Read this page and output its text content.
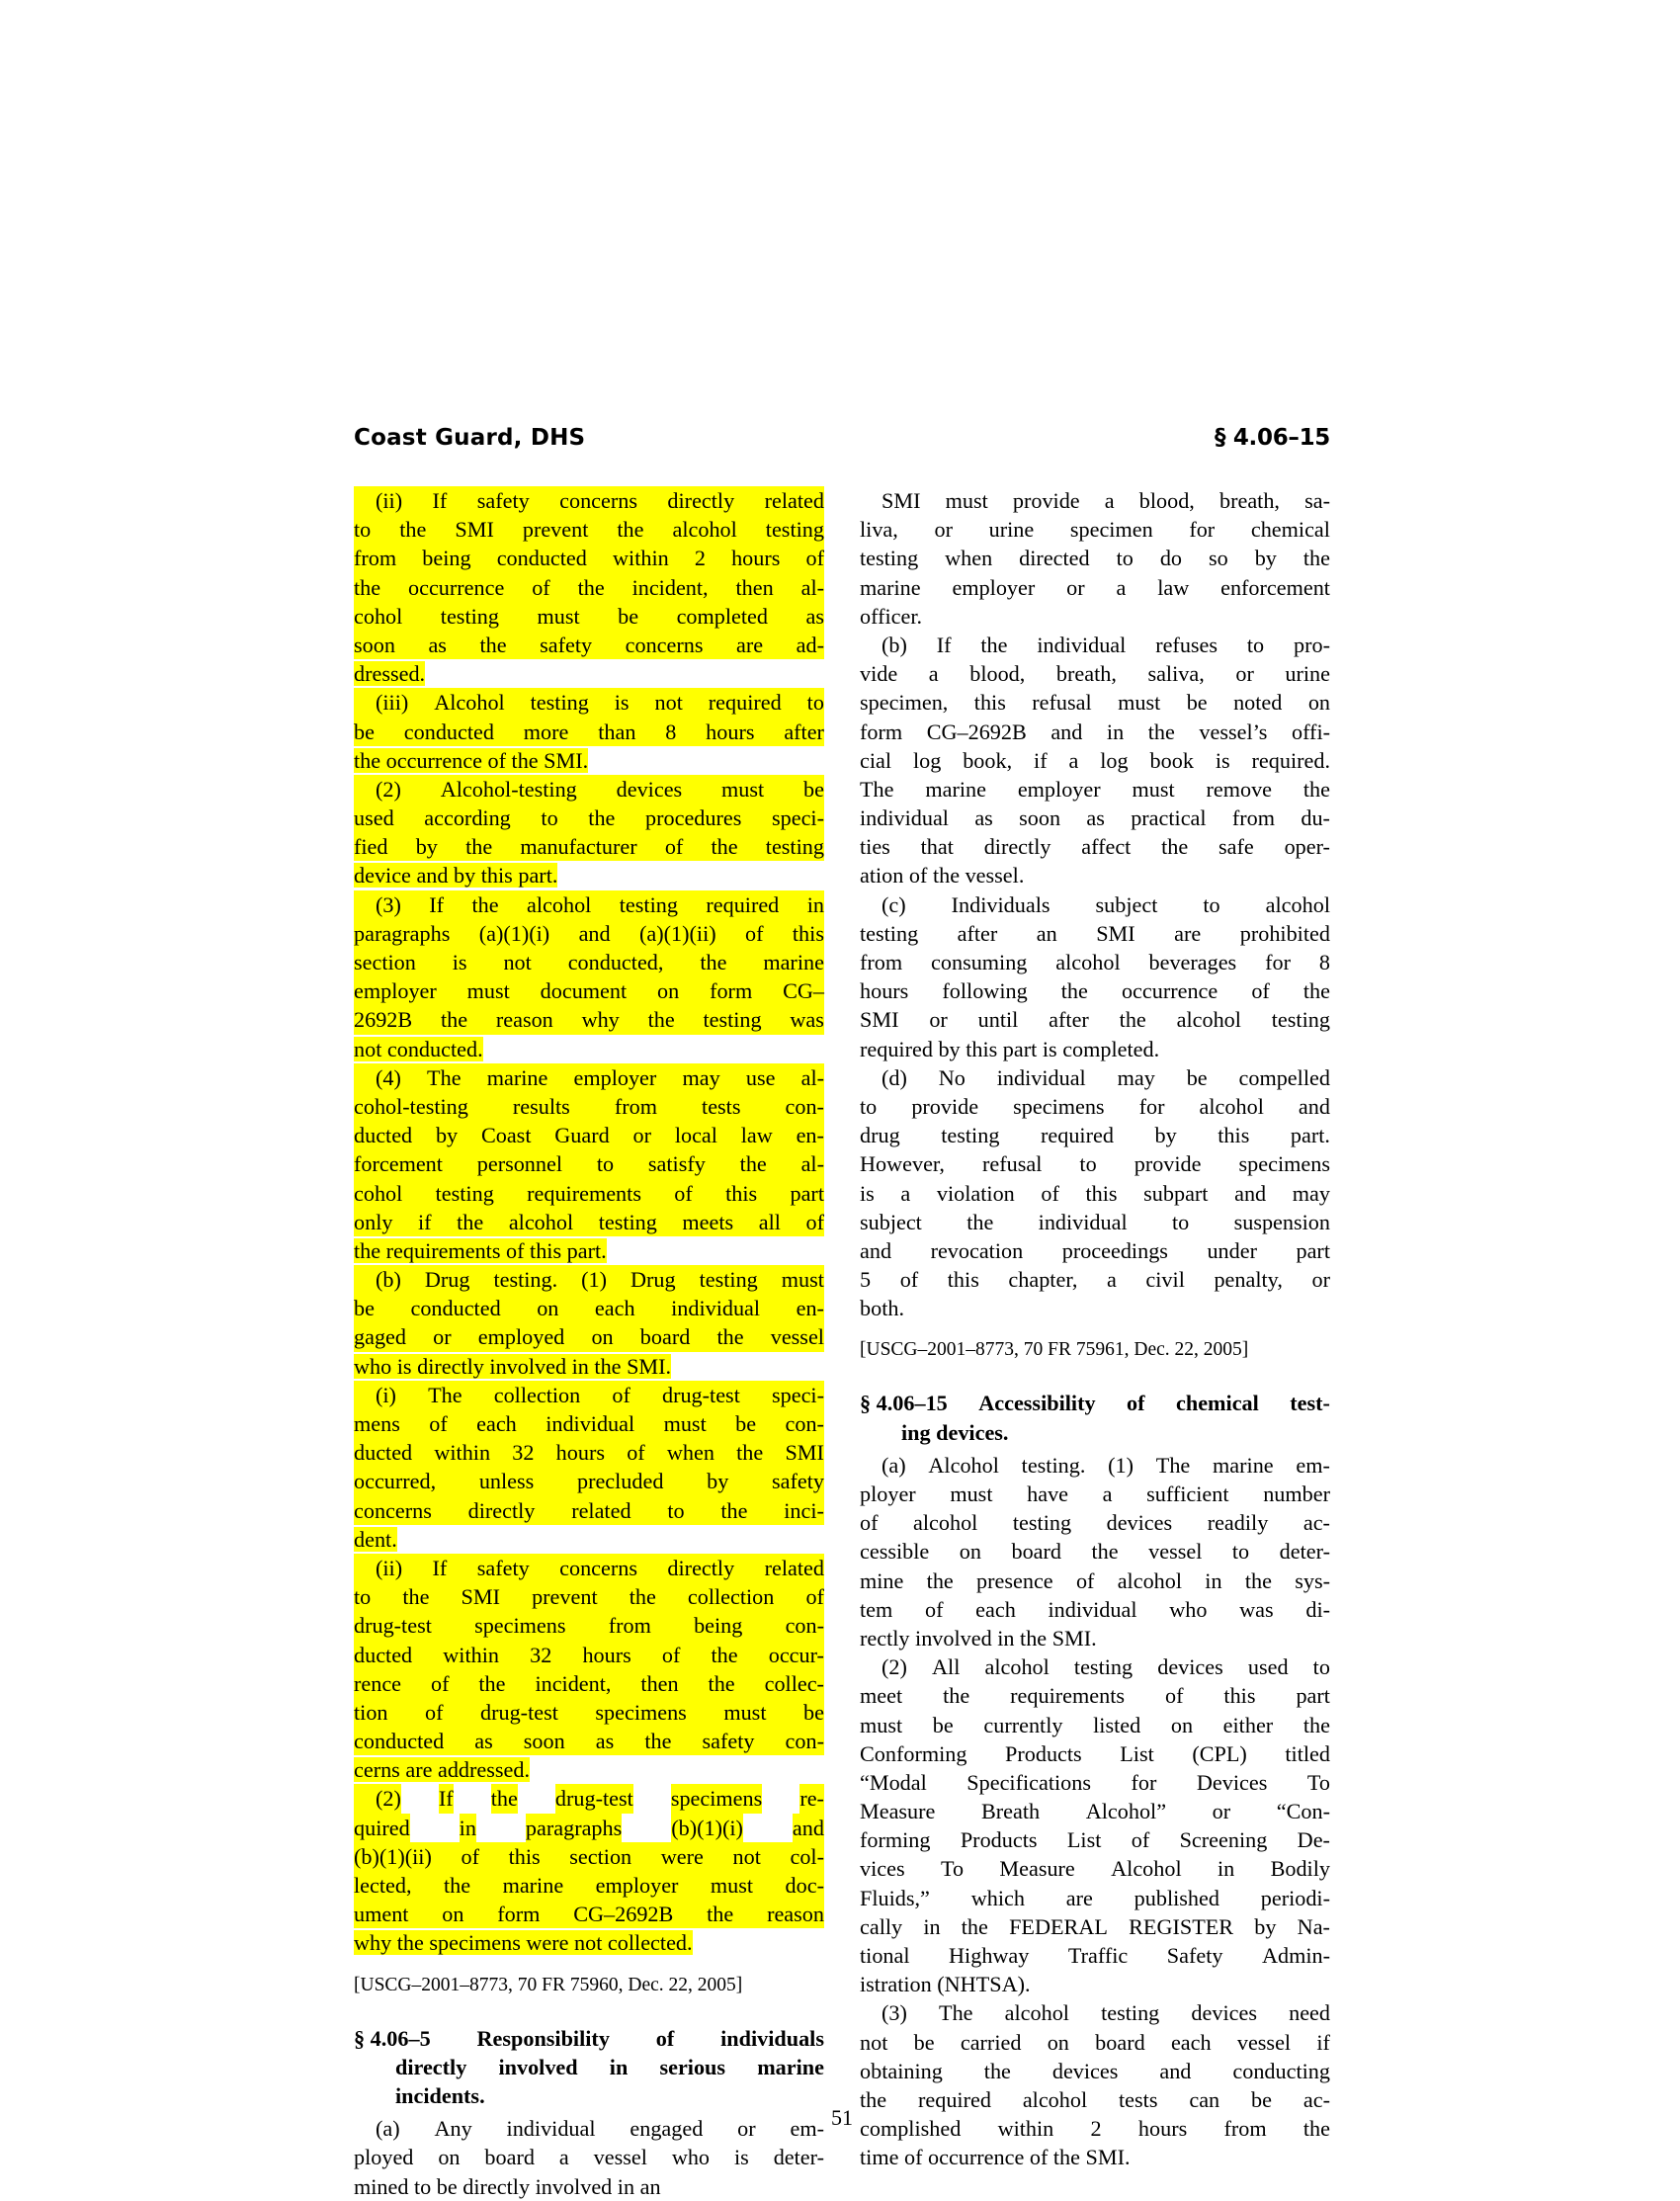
Coast Guard, DHS	§ 4.06–15
(ii) If safety concerns directly related
to the SMI prevent the alcohol testing
from being conducted within 2 hours of
the occurrence of the incident, then al-
cohol testing must be completed as
soon as the safety concerns are ad-
dressed.
(iii) Alcohol testing is not required to
be conducted more than 8 hours after
the occurrence of the SMI.
(2) Alcohol-testing devices must be
used according to the procedures speci-
fied by the manufacturer of the testing
device and by this part.
(3) If the alcohol testing required in
paragraphs (a)(1)(i) and (a)(1)(ii) of this
section is not conducted, the marine
employer must document on form CG–
2692B the reason why the testing was
not conducted.
(4) The marine employer may use al-
cohol-testing results from tests con-
ducted by Coast Guard or local law en-
forcement personnel to satisfy the al-
cohol testing requirements of this part
only if the alcohol testing meets all of
the requirements of this part.
(b) Drug testing. (1) Drug testing must
be conducted on each individual en-
gaged or employed on board the vessel
who is directly involved in the SMI.
(i) The collection of drug-test speci-
mens of each individual must be con-
ducted within 32 hours of when the SMI
occurred, unless precluded by safety
concerns directly related to the inci-
dent.
(ii) If safety concerns directly related
to the SMI prevent the collection of
drug-test specimens from being con-
ducted within 32 hours of the occur-
rence of the incident, then the collec-
tion of drug-test specimens must be
conducted as soon as the safety con-
cerns are addressed.
(2) If the drug-test specimens re-
quired in paragraphs (b)(1)(i) and
(b)(1)(ii) of this section were not col-
lected, the marine employer must doc-
ument on form CG–2692B the reason
why the specimens were not collected.
[USCG–2001–8773, 70 FR 75960, Dec. 22, 2005]
§ 4.06–5 Responsibility of individuals
directly involved in serious marine
incidents.
(a) Any individual engaged or em-
ployed on board a vessel who is deter-
mined to be directly involved in an
SMI must provide a blood, breath, sa-
liva, or urine specimen for chemical
testing when directed to do so by the
marine employer or a law enforcement
officer.
(b) If the individual refuses to pro-
vide a blood, breath, saliva, or urine
specimen, this refusal must be noted on
form CG–2692B and in the vessel’s offi-
cial log book, if a log book is required.
The marine employer must remove the
individual as soon as practical from du-
ties that directly affect the safe oper-
ation of the vessel.
(c) Individuals subject to alcohol
testing after an SMI are prohibited
from consuming alcohol beverages for 8
hours following the occurrence of the
SMI or until after the alcohol testing
required by this part is completed.
(d) No individual may be compelled
to provide specimens for alcohol and
drug testing required by this part.
However, refusal to provide specimens
is a violation of this subpart and may
subject the individual to suspension
and revocation proceedings under part
5 of this chapter, a civil penalty, or
both.
[USCG–2001–8773, 70 FR 75961, Dec. 22, 2005]
§ 4.06–15 Accessibility of chemical test-
ing devices.
(a) Alcohol testing. (1) The marine em-
ployer must have a sufficient number
of alcohol testing devices readily ac-
cessible on board the vessel to deter-
mine the presence of alcohol in the sys-
tem of each individual who was di-
rectly involved in the SMI.
(2) All alcohol testing devices used to
meet the requirements of this part
must be currently listed on either the
Conforming Products List (CPL) titled
“Modal Specifications for Devices To
Measure Breath Alcohol” or “Con-
forming Products List of Screening De-
vices To Measure Alcohol in Bodily
Fluids,” which are published periodi-
cally in the FEDERAL REGISTER by Na-
tional Highway Traffic Safety Admin-
istration (NHTSA).
(3) The alcohol testing devices need
not be carried on board each vessel if
obtaining the devices and conducting
the required alcohol tests can be ac-
complished within 2 hours from the
time of occurrence of the SMI.
51
